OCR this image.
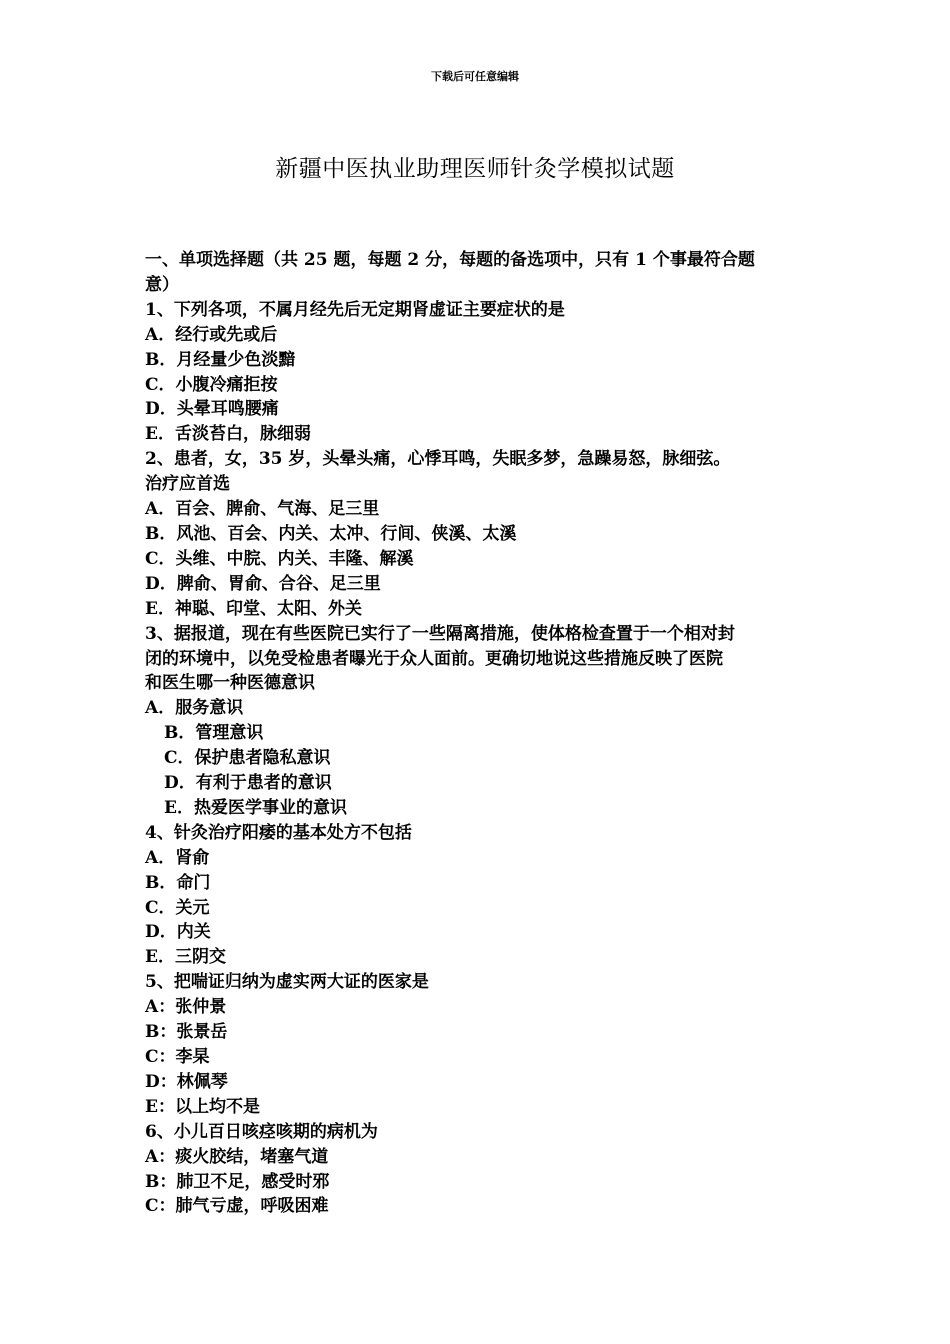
下载后可任意编辑
新疆中医执业助理医师针灸学模拟试题
一、单项选择题（共 25 题，每题 2 分，每题的备选项中，只有 1 个事最符合题
意）
1、下列各项，不属月经先后无定期肾虚证主要症状的是
A．经行或先或后
B．月经量少色淡黯
C．小腹冷痛拒按
D．头晕耳鸣腰痛
E．舌淡苔白，脉细弱
2、患者，女，35 岁，头晕头痛，心悸耳鸣，失眠多梦，急躁易怒，脉细弦。
治疗应首选
A．百会、脾俞、气海、足三里
B．风池、百会、内关、太冲、行间、侠溪、太溪
C．头维、中脘、内关、丰隆、解溪
D．脾俞、胃俞、合谷、足三里
E．神聪、印堂、太阳、外关
3、据报道，现在有些医院已实行了一些隔离措施，使体格检查置于一个相对封
闭的环境中，以免受检患者曝光于众人面前。更确切地说这些措施反映了医院
和医生哪一种医德意识
A．服务意识
B．管理意识
C．保护患者隐私意识
D．有利于患者的意识
E．热爱医学事业的意识
4、针灸治疗阳痿的基本处方不包括
A．肾俞
B．命门
C．关元
D．内关
E．三阴交
5、把喘证归纳为虚实两大证的医家是
A：张仲景
B：张景岳
C：李杲
D：林佩琴
E：以上均不是
6、小儿百日咳痉咳期的病机为
A：痰火胶结，堵塞气道
B：肺卫不足，感受时邪
C：肺气亏虚，呼吸困难
